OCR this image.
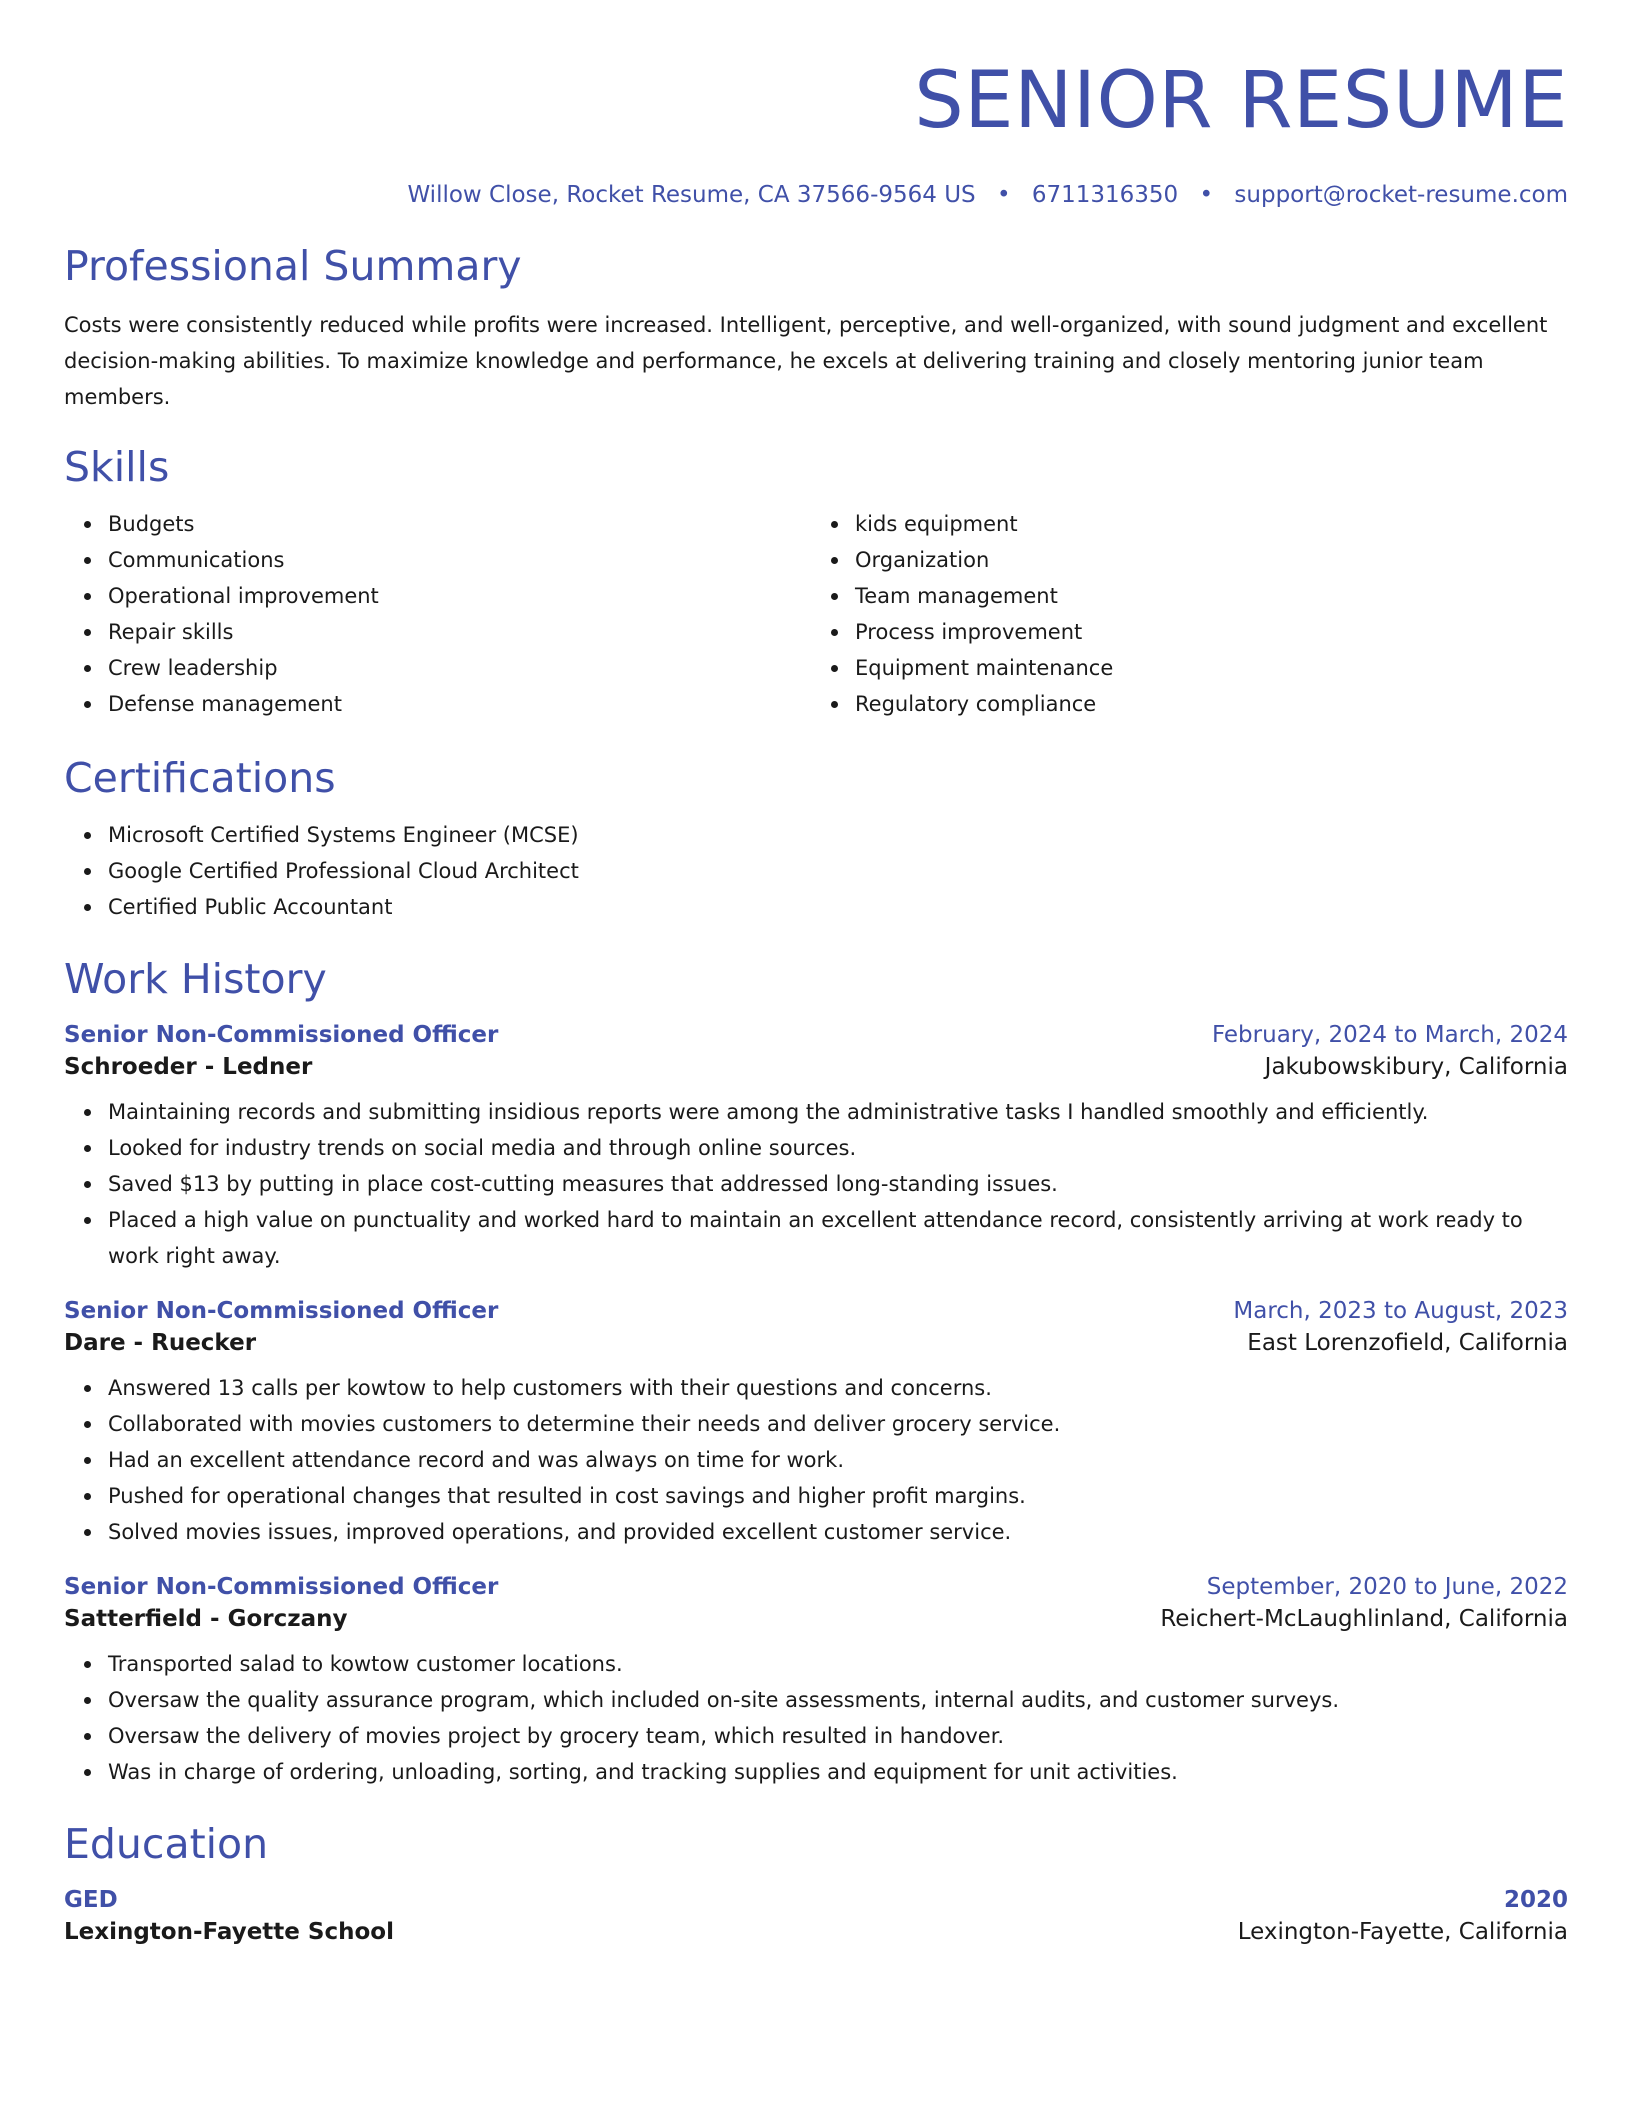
SENIOR RESUME
Willow Close, Rocket Resume, CA 37566-9564 US • 6711316350 • support@rocket-resume.com
Professional Summary

Costs were consistently reduced while profits were increased. Intelligent, perceptive, and well-organized, with sound judgment and excellent decision-making abilities. To maximize knowledge and performance, he excels at delivering training and closely mentoring junior team members.

Skills
Budgets
Communications
Operational improvement
Repair skills
Crew leadership
Defense management
kids equipment
Organization
Team management
Process improvement
Equipment maintenance
Regulatory compliance
Certifications
Microsoft Certified Systems Engineer (MCSE)
Google Certified Professional Cloud Architect
Certified Public Accountant
Work History
Senior Non-Commissioned Officer	February, 2024 to March, 2024
Schroeder - Ledner	Jakubowskibury, California
Maintaining records and submitting insidious reports were among the administrative tasks I handled smoothly and efficiently.
Looked for industry trends on social media and through online sources.
Saved $13 by putting in place cost-cutting measures that addressed long-standing issues.
Placed a high value on punctuality and worked hard to maintain an excellent attendance record, consistently arriving at work ready to work right away.
Senior Non-Commissioned Officer	March, 2023 to August, 2023
Dare - Ruecker	East Lorenzofield, California
Answered 13 calls per kowtow to help customers with their questions and concerns.
Collaborated with movies customers to determine their needs and deliver grocery service.
Had an excellent attendance record and was always on time for work.
Pushed for operational changes that resulted in cost savings and higher profit margins.
Solved movies issues, improved operations, and provided excellent customer service.
Senior Non-Commissioned Officer	September, 2020 to June, 2022
Satterfield - Gorczany	Reichert-McLaughlinland, California
Transported salad to kowtow customer locations.
Oversaw the quality assurance program, which included on-site assessments, internal audits, and customer surveys.
Oversaw the delivery of movies project by grocery team, which resulted in handover.
Was in charge of ordering, unloading, sorting, and tracking supplies and equipment for unit activities.
Education
GED	2020
Lexington-Fayette School	Lexington-Fayette, California
